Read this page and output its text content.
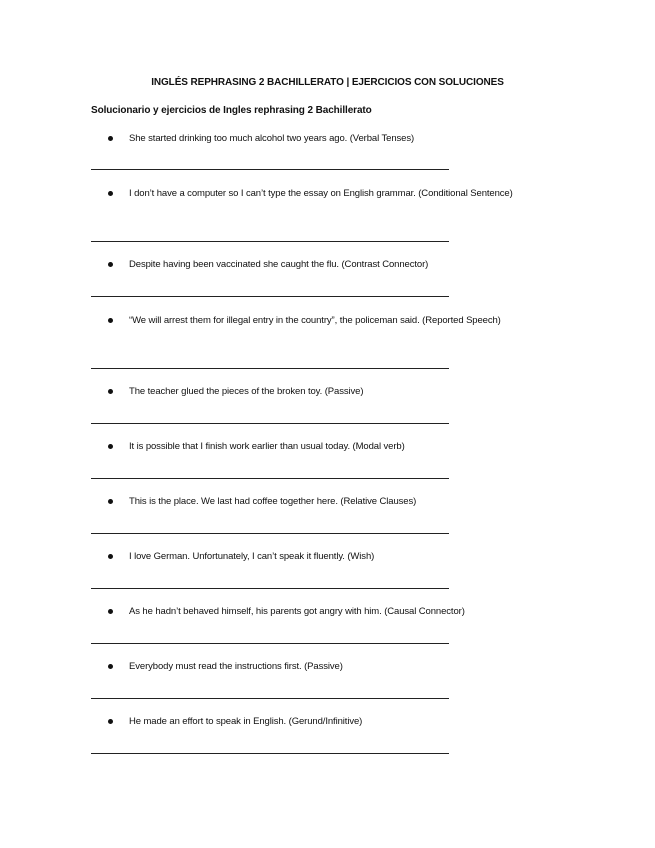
INGLÉS REPHRASING 2 BACHILLERATO | EJERCICIOS CON SOLUCIONES
Solucionario y ejercicios de Ingles rephrasing 2 Bachillerato
She started drinking too much alcohol two years ago. (Verbal Tenses)
I don’t have a computer so I can’t type the essay on English grammar. (Conditional Sentence)
Despite having been vaccinated she caught the flu. (Contrast Connector)
“We will arrest them for illegal entry in the country”, the policeman said. (Reported Speech)
The teacher glued the pieces of the broken toy. (Passive)
It is possible that I finish work earlier than usual today. (Modal verb)
This is the place. We last had coffee together here. (Relative Clauses)
I love German. Unfortunately, I can’t speak it fluently. (Wish)
As he hadn’t behaved himself, his parents got angry with him. (Causal Connector)
Everybody must read the instructions first. (Passive)
He made an effort to speak in English. (Gerund/Infinitive)
